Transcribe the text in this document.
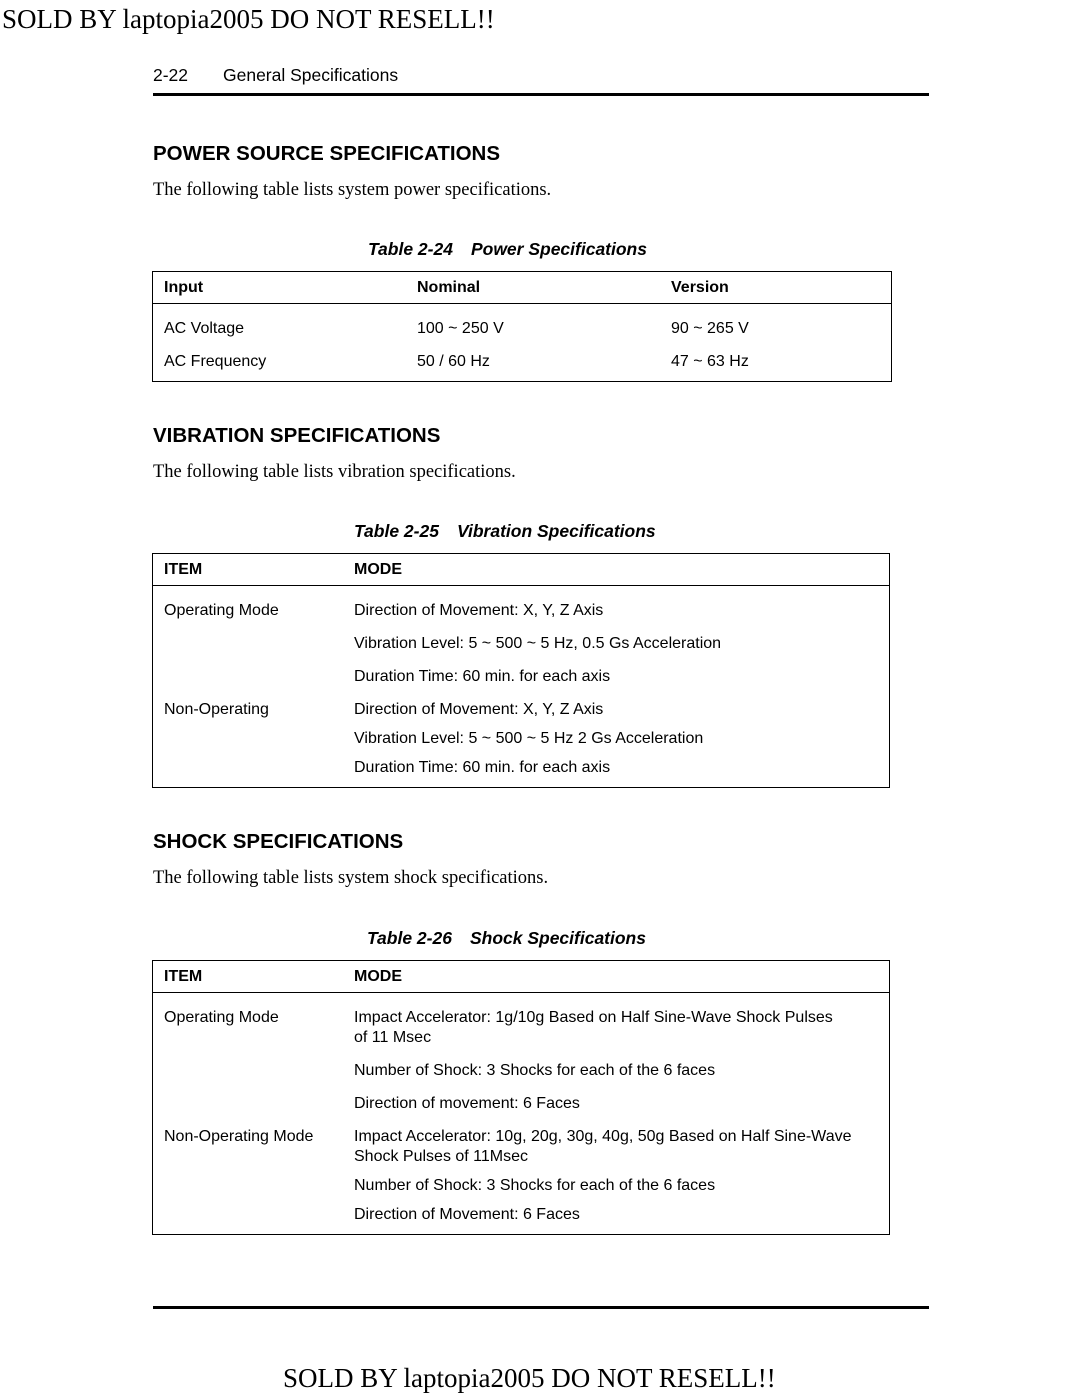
SOLD BY laptopia2005 DO NOT RESELL!!
2-22 General Specifications
POWER SOURCE SPECIFICATIONS
The following table lists system power specifications.
Table 2-24 Power Specifications
Input	Nominal	Version
AC Voltage	100 ~ 250 V	90 ~ 265 V
AC Frequency	50 / 60 Hz	47 ~ 63 Hz
VIBRATION SPECIFICATIONS
The following table lists vibration specifications.
Table 2-25 Vibration Specifications
ITEM	MODE
Operating Mode	Direction of Movement: X, Y, Z Axis
Vibration Level: 5 ~ 500 ~ 5 Hz, 0.5 Gs Acceleration
Duration Time: 60 min. for each axis
Non-Operating	Direction of Movement: X, Y, Z Axis
Vibration Level: 5 ~ 500 ~ 5 Hz 2 Gs Acceleration
Duration Time: 60 min. for each axis
SHOCK SPECIFICATIONS
The following table lists system shock specifications.
Table 2-26 Shock Specifications
ITEM	MODE
Operating Mode	Impact Accelerator: 1g/10g Based on Half Sine-Wave Shock Pulses of 11 Msec
Number of Shock: 3 Shocks for each of the 6 faces
Direction of movement: 6 Faces
Non-Operating Mode	Impact Accelerator: 10g, 20g, 30g, 40g, 50g Based on Half Sine-Wave Shock Pulses of 11Msec
Number of Shock: 3 Shocks for each of the 6 faces
Direction of Movement: 6 Faces
SOLD BY laptopia2005 DO NOT RESELL!!
